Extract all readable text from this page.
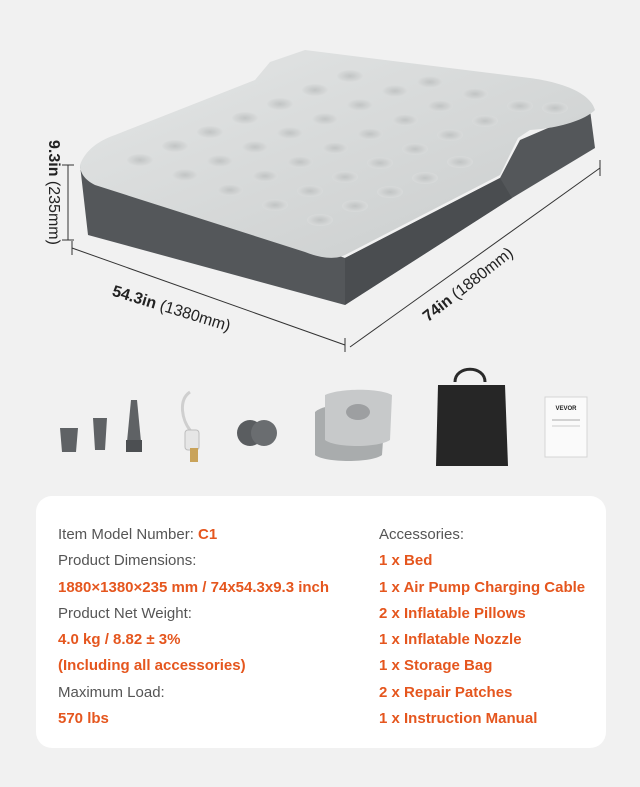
VEVOR
9.3in (235mm)
54.3in (1380mm)	74in (1880mm)
Item Model Number: C1
Product Dimensions:
1880×1380×235 mm / 74x54.3x9.3 inch
Product Net Weight:
4.0 kg / 8.82 ± 3%
(Including all accessories)
Maximum Load:
570 lbs
Accessories:
1 x Bed
1 x Air Pump Charging Cable
2 x Inflatable Pillows
1 x Inflatable Nozzle
1 x Storage Bag
2 x Repair Patches
1 x Instruction Manual
